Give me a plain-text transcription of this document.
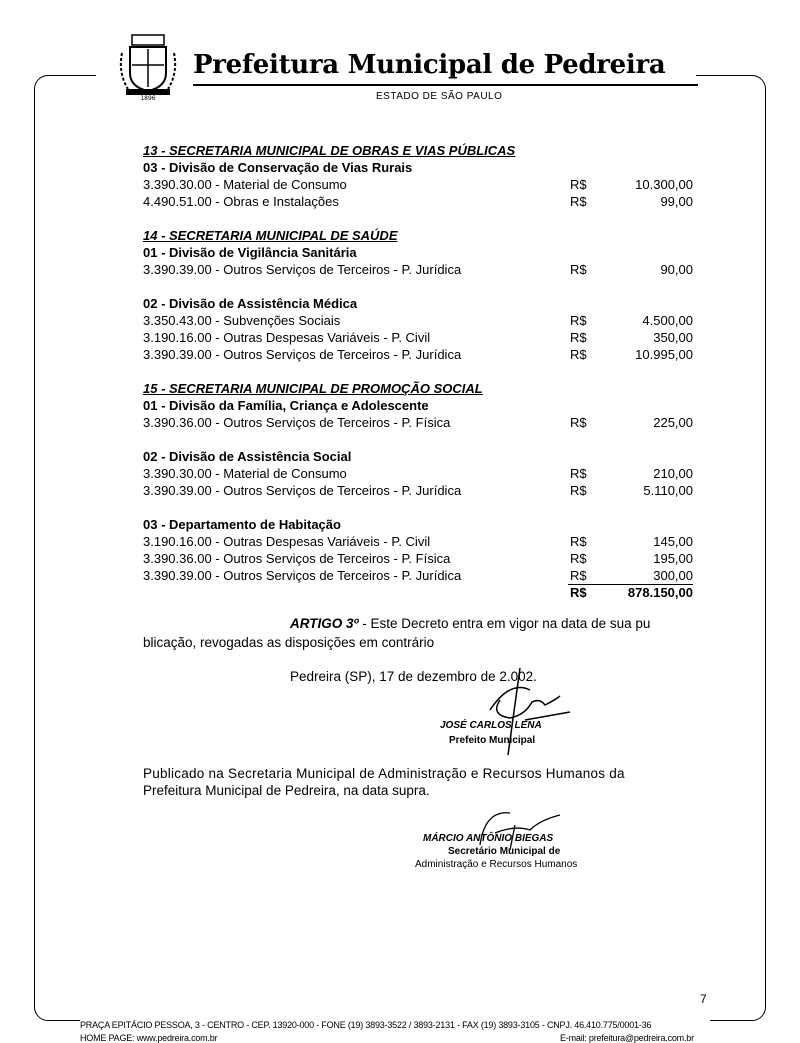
1896
Prefeitura Municipal de Pedreira
ESTADO DE SÃO PAULO
13 - SECRETARIA MUNICIPAL DE OBRAS E VIAS PÚBLICAS
03 - Divisão de Conservação de Vias Rurais
3.390.30.00 - Material de Consumo	R$	10.300,00
4.490.51.00 - Obras e Instalações	R$	99,00
14 - SECRETARIA MUNICIPAL DE SAÚDE
01 - Divisão de Vigilância Sanitária
3.390.39.00 - Outros Serviços de Terceiros - P. Jurídica	R$	90,00
02 - Divisão de Assistência Médica
3.350.43.00 - Subvenções Sociais	R$	4.500,00
3.190.16.00 - Outras Despesas Variáveis - P. Civil	R$	350,00
3.390.39.00 - Outros Serviços de Terceiros - P. Jurídica	R$	10.995,00
15 - SECRETARIA MUNICIPAL DE PROMOÇÃO SOCIAL
01 - Divisão da Família, Criança e Adolescente
3.390.36.00 - Outros Serviços de Terceiros - P. Física	R$	225,00
02 - Divisão de Assistência Social
3.390.30.00 - Material de Consumo	R$	210,00
3.390.39.00 - Outros Serviços de Terceiros - P. Jurídica	R$	5.110,00
03 - Departamento de Habitação
3.190.16.00 - Outras Despesas Variáveis - P. Civil	R$	145,00
3.390.36.00 - Outros Serviços de Terceiros - P. Física	R$	195,00
3.390.39.00 - Outros Serviços de Terceiros - P. Jurídica	R$	300,00
R$	878.150,00
ARTIGO 3º - Este Decreto entra em vigor na data de sua pu
blicação, revogadas as disposições em contrário
Pedreira (SP), 17 de dezembro de 2.002.
JOSÉ CARLOS LENA
Prefeito Municipal
Publicado na Secretaria Municipal de Administração e Recursos Humanos da
Prefeitura Municipal de Pedreira, na data supra.
MÁRCIO ANTÔNIO BIEGAS
Secretário Municipal de
Administração e Recursos Humanos
7
PRAÇA EPITÁCIO PESSOA, 3 - CENTRO - CEP. 13920-000 - FONE (19) 3893-3522 / 3893-2131 - FAX (19) 3893-3105 - CNPJ. 46.410.775/0001-36
HOME PAGE: www.pedreira.com.br	E-mail: prefeitura@pedreira.com.br
